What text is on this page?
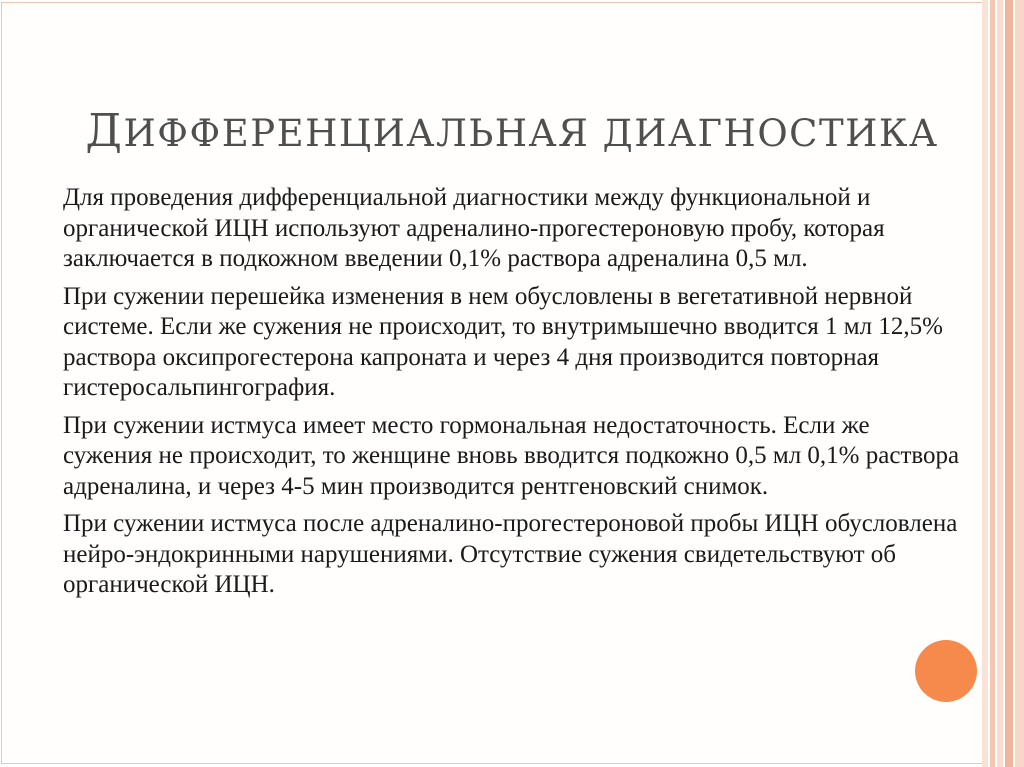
ДИФФЕРЕНЦИАЛЬНАЯ ДИАГНОСТИКА

Для проведения дифференциальной диагностики между функциональной и органической ИЦН используют адреналино-прогестероновую пробу, которая заключается в подкожном введении 0,1% раствора адреналина 0,5 мл.

При сужении перешейка изменения в нем обусловлены в вегетативной нервной системе. Если же сужения не происходит, то внутримышечно вводится 1 мл 12,5% раствора оксипрогестерона капроната и через 4 дня производится повторная гистеросальпингография.

При сужении истмуса имеет место гормональная недостаточность. Если же сужения не происходит, то женщине вновь вводится подкожно 0,5 мл 0,1% раствора адреналина, и через 4-5 мин производится рентгеновский снимок.

При сужении истмуса после адреналино-прогестероновой пробы ИЦН обусловлена нейро-эндокринными нарушениями. Отсутствие сужения свидетельствуют об органической ИЦН.
